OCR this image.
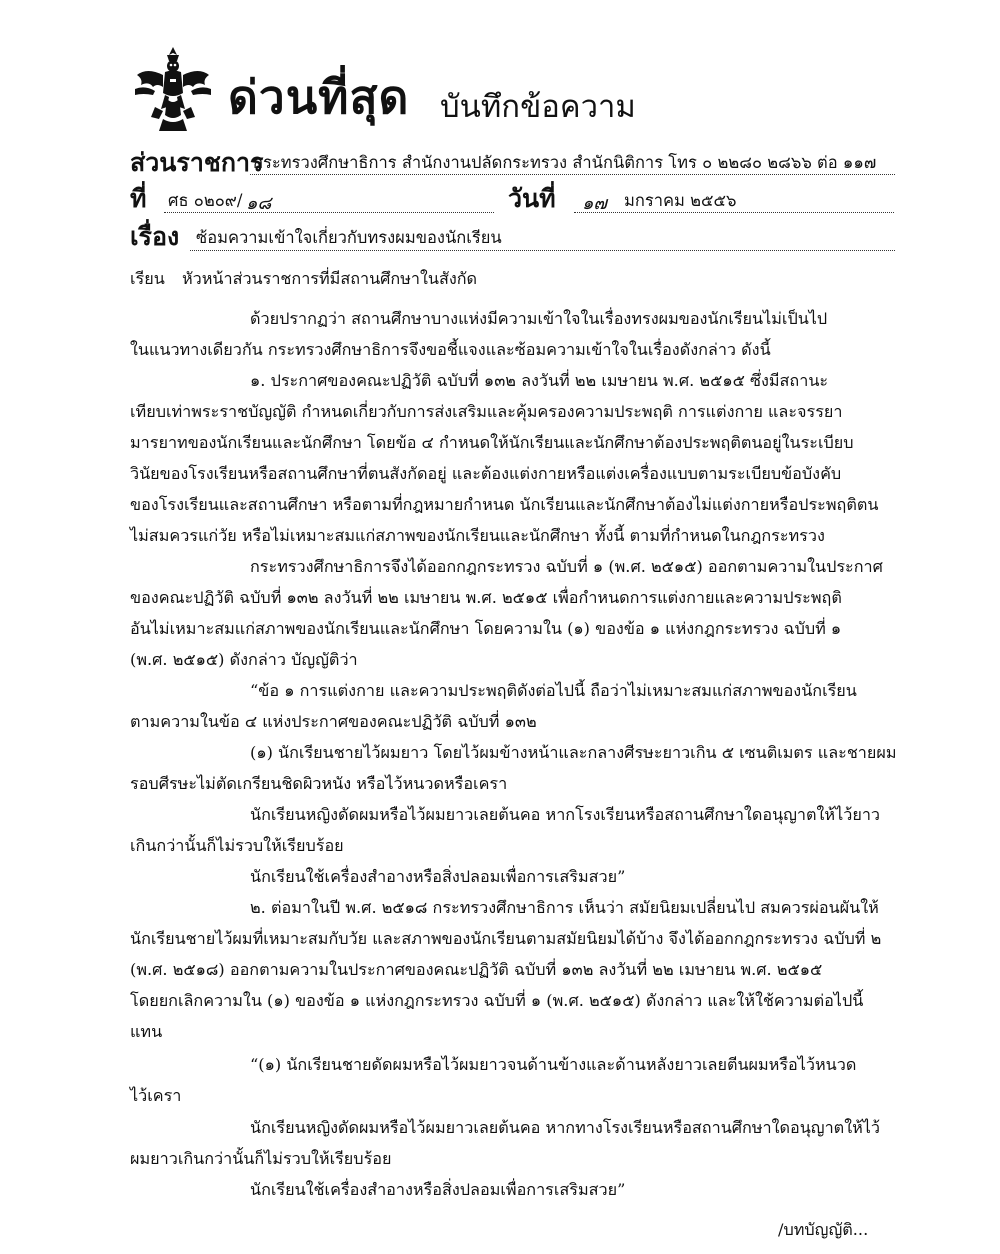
ด่วนที่สุด บันทึกข้อความ
ส่วนราชการ
กระทรวงศึกษาธิการ สำนักงานปลัดกระทรวง สำนักนิติการ โทร ๐ ๒๒๘๐ ๒๘๖๖ ต่อ ๑๑๗
ที่ ศธ ๐๒๐๙/ ๑๘	วันที่ ๑๗ มกราคม ๒๕๕๖
เรื่อง ซ้อมความเข้าใจเกี่ยวกับทรงผมของนักเรียน
เรียน หัวหน้าส่วนราชการที่มีสถานศึกษาในสังกัด
ด้วยปรากฏว่า สถานศึกษาบางแห่งมีความเข้าใจในเรื่องทรงผมของนักเรียนไม่เป็นไป
ในแนวทางเดียวกัน กระทรวงศึกษาธิการจึงขอชี้แจงและซ้อมความเข้าใจในเรื่องดังกล่าว ดังนี้
๑. ประกาศของคณะปฏิวัติ ฉบับที่ ๑๓๒ ลงวันที่ ๒๒ เมษายน พ.ศ. ๒๕๑๕ ซึ่งมีสถานะ
เทียบเท่าพระราชบัญญัติ กำหนดเกี่ยวกับการส่งเสริมและคุ้มครองความประพฤติ การแต่งกาย และจรรยา
มารยาทของนักเรียนและนักศึกษา โดยข้อ ๔ กำหนดให้นักเรียนและนักศึกษาต้องประพฤติตนอยู่ในระเบียบ
วินัยของโรงเรียนหรือสถานศึกษาที่ตนสังกัดอยู่ และต้องแต่งกายหรือแต่งเครื่องแบบตามระเบียบข้อบังคับ
ของโรงเรียนและสถานศึกษา หรือตามที่กฎหมายกำหนด นักเรียนและนักศึกษาต้องไม่แต่งกายหรือประพฤติตน
ไม่สมควรแก่วัย หรือไม่เหมาะสมแก่สภาพของนักเรียนและนักศึกษา ทั้งนี้ ตามที่กำหนดในกฎกระทรวง
กระทรวงศึกษาธิการจึงได้ออกกฎกระทรวง ฉบับที่ ๑ (พ.ศ. ๒๕๑๕) ออกตามความในประกาศ
ของคณะปฏิวัติ ฉบับที่ ๑๓๒ ลงวันที่ ๒๒ เมษายน พ.ศ. ๒๕๑๕ เพื่อกำหนดการแต่งกายและความประพฤติ
อันไม่เหมาะสมแก่สภาพของนักเรียนและนักศึกษา โดยความใน (๑) ของข้อ ๑ แห่งกฎกระทรวง ฉบับที่ ๑
(พ.ศ. ๒๕๑๕) ดังกล่าว บัญญัติว่า
“ข้อ ๑ การแต่งกาย และความประพฤติดังต่อไปนี้ ถือว่าไม่เหมาะสมแก่สภาพของนักเรียน
ตามความในข้อ ๔ แห่งประกาศของคณะปฏิวัติ ฉบับที่ ๑๓๒
(๑) นักเรียนชายไว้ผมยาว โดยไว้ผมข้างหน้าและกลางศีรษะยาวเกิน ๕ เซนติเมตร และชายผม
รอบศีรษะไม่ตัดเกรียนชิดผิวหนัง หรือไว้หนวดหรือเครา
นักเรียนหญิงดัดผมหรือไว้ผมยาวเลยต้นคอ หากโรงเรียนหรือสถานศึกษาใดอนุญาตให้ไว้ยาว
เกินกว่านั้นก็ไม่รวบให้เรียบร้อย
นักเรียนใช้เครื่องสำอางหรือสิ่งปลอมเพื่อการเสริมสวย”
๒. ต่อมาในปี พ.ศ. ๒๕๑๘ กระทรวงศึกษาธิการ เห็นว่า สมัยนิยมเปลี่ยนไป สมควรผ่อนผันให้
นักเรียนชายไว้ผมที่เหมาะสมกับวัย และสภาพของนักเรียนตามสมัยนิยมได้บ้าง จึงได้ออกกฎกระทรวง ฉบับที่ ๒
(พ.ศ. ๒๕๑๘) ออกตามความในประกาศของคณะปฏิวัติ ฉบับที่ ๑๓๒ ลงวันที่ ๒๒ เมษายน พ.ศ. ๒๕๑๕
โดยยกเลิกความใน (๑) ของข้อ ๑ แห่งกฎกระทรวง ฉบับที่ ๑ (พ.ศ. ๒๕๑๕) ดังกล่าว และให้ใช้ความต่อไปนี้
แทน
“(๑) นักเรียนชายดัดผมหรือไว้ผมยาวจนด้านข้างและด้านหลังยาวเลยตีนผมหรือไว้หนวด
ไว้เครา
นักเรียนหญิงดัดผมหรือไว้ผมยาวเลยต้นคอ หากทางโรงเรียนหรือสถานศึกษาใดอนุญาตให้ไว้
ผมยาวเกินกว่านั้นก็ไม่รวบให้เรียบร้อย
นักเรียนใช้เครื่องสำอางหรือสิ่งปลอมเพื่อการเสริมสวย”
/บทบัญญัติ...
